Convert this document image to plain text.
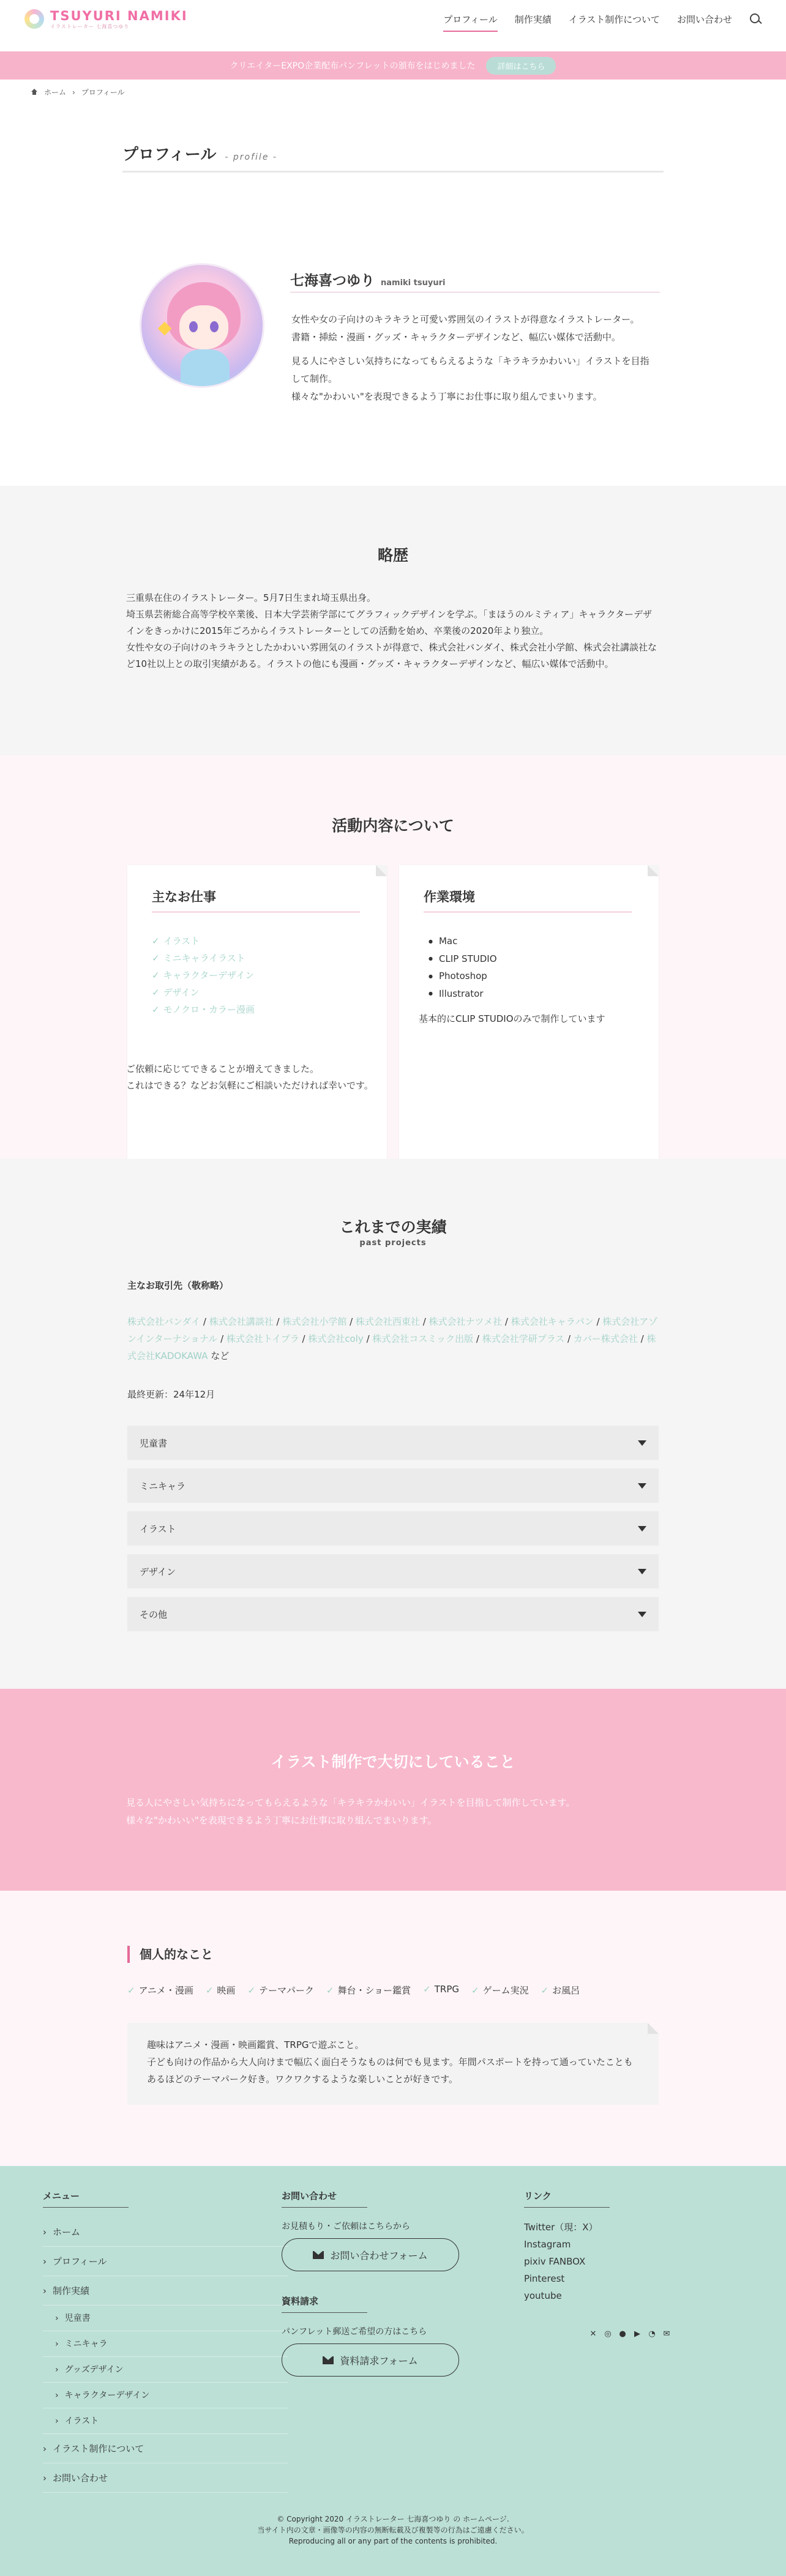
TSUYURI NAMIKI
イラストレーター 七海喜つゆり
プロフィール 制作実績 イラスト制作について お問い合わせ
クリエイターEXPO企業配布パンフレットの頒布をはじめました	詳細はこちら
ホーム › プロフィール
プロフィール - profile -
七海喜つゆり namiki tsuyuri

女性や女の子向けのキラキラと可愛い雰囲気のイラストが得意なイラストレーター。

書籍・挿絵・漫画・グッズ・キャラクターデザインなど、幅広い媒体で活動中。

見る人にやさしい気持ちになってもらえるような「キラキラかわいい」イラストを目指して制作。

様々な"かわいい"を表現できるよう丁寧にお仕事に取り組んでまいります。

略歴
三重県在住のイラストレーター。5月7日生まれ埼玉県出身。
埼玉県芸術総合高等学校卒業後、日本大学芸術学部にてグラフィックデザインを学ぶ。「まほうのルミティア」キャラクターデザインをきっかけに2015年ごろからイラストレーターとしての活動を始め、卒業後の2020年より独立。
女性や女の子向けのキラキラとしたかわいい雰囲気のイラストが得意で、株式会社バンダイ、株式会社小学館、株式会社講談社など10社以上との取引実績がある。イラストの他にも漫画・グッズ・キャラクターデザインなど、幅広い媒体で活動中。
活動内容について
主なお仕事
✓ イラスト
✓ ミニキャライラスト
✓ キャラクターデザイン
✓ デザイン
✓ モノクロ・カラー漫画
作業環境
● Mac
● CLIP STUDIO
● Photoshop
● Illustrator
基本的にCLIP STUDIOのみで制作しています
ご依頼に応じてできることが増えてきました。
これはできる？などお気軽にご相談いただければ幸いです。
これまでの実績
past projects
主なお取引先（敬称略）
株式会社バンダイ / 株式会社講談社 / 株式会社小学館 / 株式会社西東社 / 株式会社ナツメ社 / 株式会社キャラパン / 株式会社アゾンインターナショナル / 株式会社トイプラ / 株式会社coly / 株式会社コスミック出版 / 株式会社学研プラス / カバー株式会社 / 株式会社KADOKAWA など
最終更新：24年12月
児童書
ミニキャラ
イラスト
デザイン
その他
イラスト制作で大切にしていること

見る人にやさしい気持ちになってもらえるような「キラキラかわいい」イラストを目指して制作しています。
様々な"かわいい"を表現できるよう丁寧にお仕事に取り組んでまいります。

個人的なこと
✓ アニメ・漫画	✓ 映画	✓ テーマパーク	✓ 舞台・ショー鑑賞	✓ TRPG	✓ ゲーム実況	✓ お風呂
趣味はアニメ・漫画・映画鑑賞、TRPGで遊ぶこと。
子ども向けの作品から大人向けまで幅広く面白そうなものは何でも見ます。年間パスポートを持って通っていたこともあるほどのテーマパーク好き。ワクワクするような楽しいことが好きです。
メニュー
› ホーム
› プロフィール
› 制作実績
› 児童書
› ミニキャラ
› グッズデザイン
› キャラクターデザイン
› イラスト
› イラスト制作について
› お問い合わせ
お問い合わせ
お見積もり・ご依頼はこちらから
お問い合わせフォーム
資料請求
パンフレット郵送ご希望の方はこちら
資料請求フォーム
リンク
Twitter（現：X）
Instagram
pixiv FANBOX
Pinterest
youtube
✕ ◎ ● ▶ ◔ ✉
© Copyright 2020 イラストレーター 七海喜つゆり の ホームページ.
当サイト内の文章・画像等の内容の無断転載及び複製等の行為はご遠慮ください。
Reproducing all or any part of the contents is prohibited.
